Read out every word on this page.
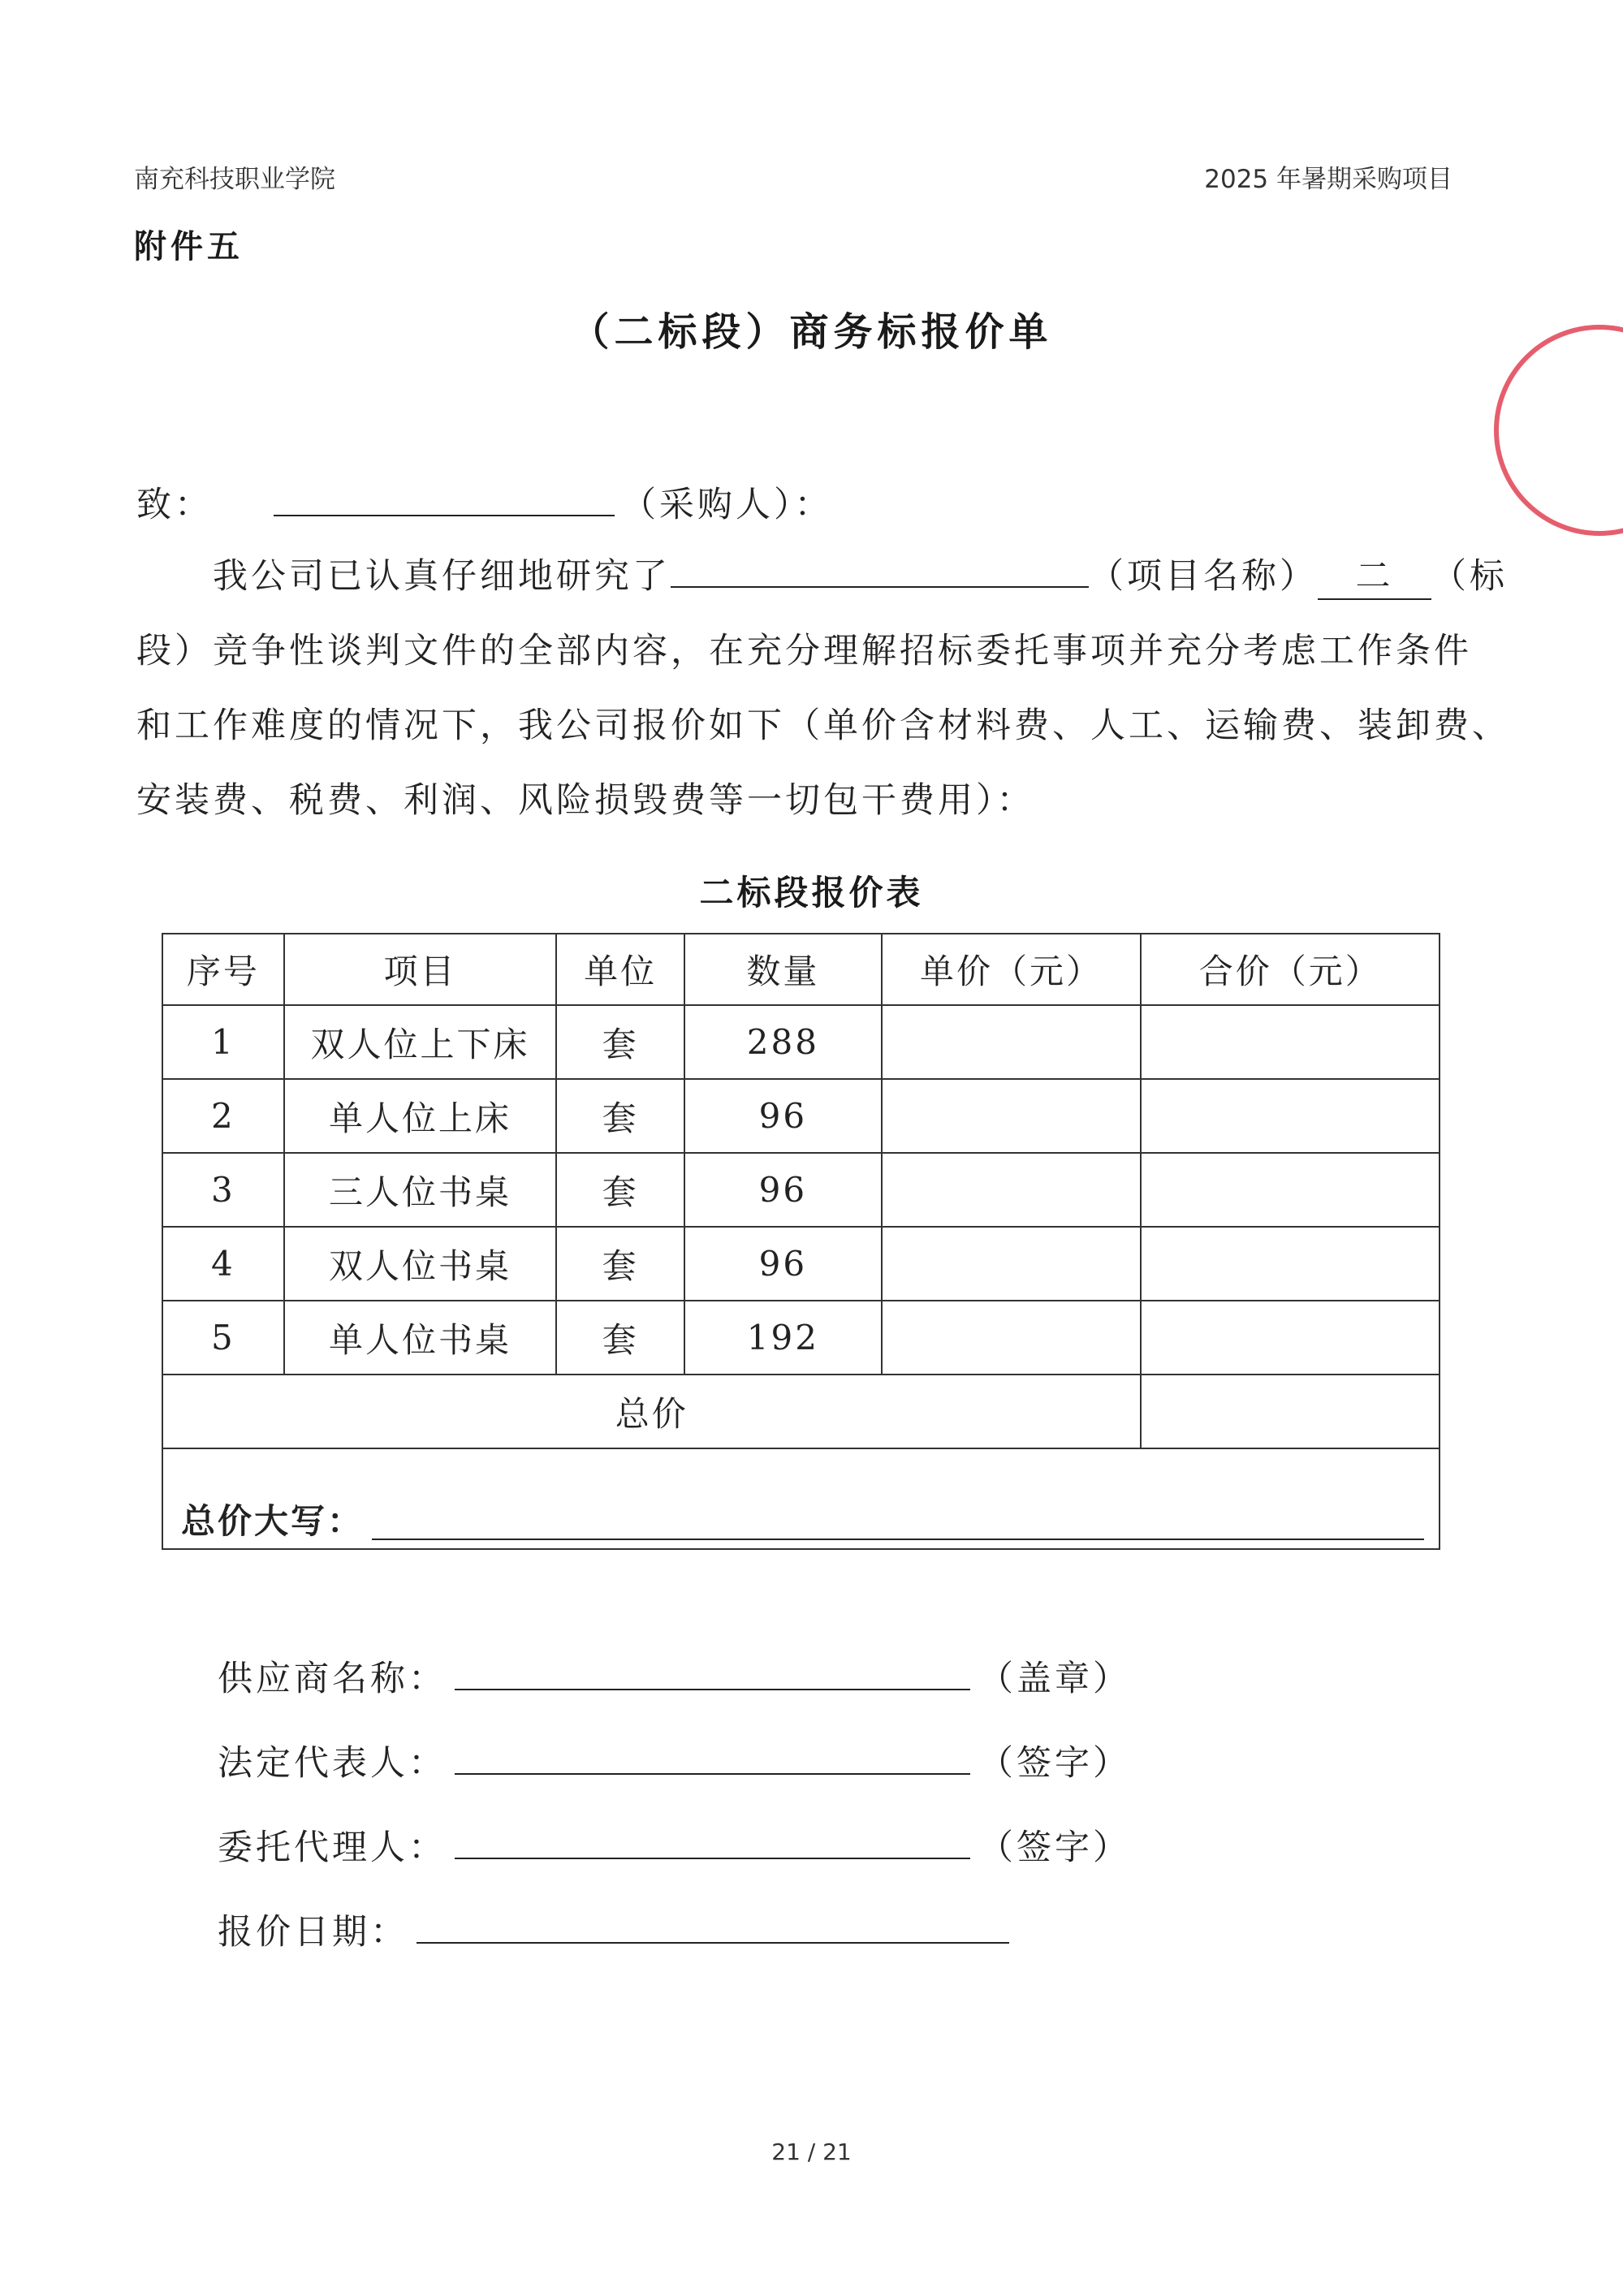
南充科技职业学院	2025 年暑期采购项目
附件五
（二标段）商务标报价单
致：	（采购人）：
我公司已认真仔细地研究了	（项目名称） 二 （标
段）竞争性谈判文件的全部内容，在充分理解招标委托事项并充分考虑工作条件
和工作难度的情况下，我公司报价如下（单价含材料费、人工、运输费、装卸费、
安装费、税费、利润、风险损毁费等一切包干费用）：
二标段报价表
序号	项目	单位	数量	单价（元）	合价（元）
1	双人位上下床	套	288		
2	单人位上床	套	96		
3	三人位书桌	套	96		
4	双人位书桌	套	96		
5	单人位书桌	套	192		
总价					

总价大写：					
供应商名称：	（盖章）
法定代表人：	（签字）
委托代理人：	（签字）
报价日期：
21 / 21
